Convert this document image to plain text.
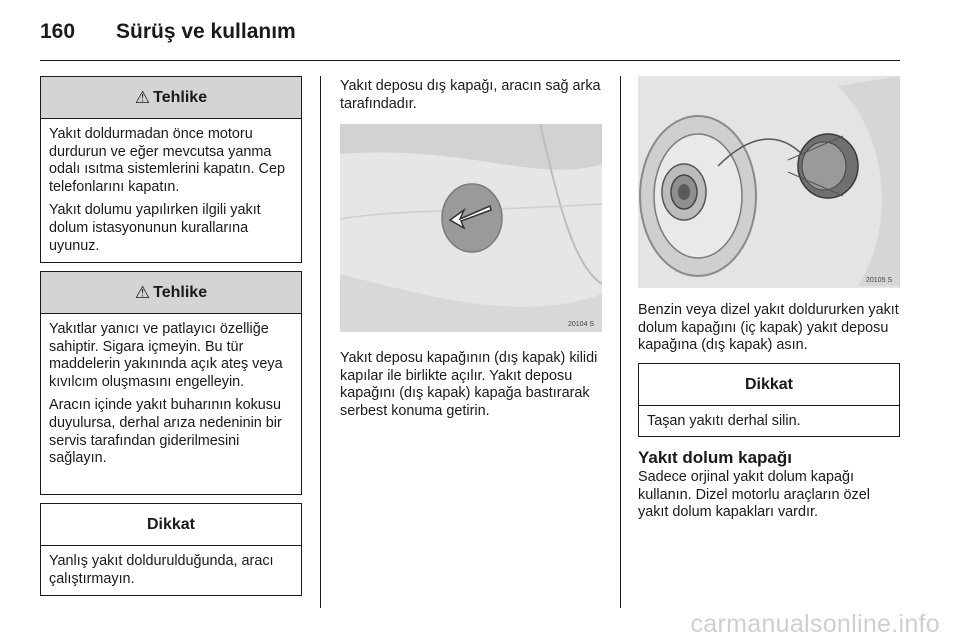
160 Sürüş ve kullanım
⚠ Tehlike

Yakıt doldurmadan önce motoru durdurun ve eğer mevcutsa yanma odalı ısıtma sistemlerini kapatın. Cep telefonlarını kapatın.

Yakıt dolumu yapılırken ilgili yakıt dolum istasyonunun kurallarına uyunuz.

⚠ Tehlike

Yakıtlar yanıcı ve patlayıcı özelliğe sahiptir. Sigara içmeyin. Bu tür maddelerin yakınında açık ateş veya kıvılcım oluşmasını engelleyin.

Aracın içinde yakıt buharının kokusu duyulursa, derhal arıza nedeninin bir servis tarafından giderilmesini sağlayın.

Dikkat

Yanlış yakıt doldurulduğunda, aracı çalıştırmayın.

Yakıt deposu dış kapağı, aracın sağ arka tarafındadır.

20104 S

Yakıt deposu kapağının (dış kapak) kilidi kapılar ile birlikte açılır. Yakıt deposu kapağını (dış kapak) kapağa bastırarak serbest konuma getirin.

20105 S

Benzin veya dizel yakıt doldururken yakıt dolum kapağını (iç kapak) yakıt deposu kapağına (dış kapak) asın.

Dikkat

Taşan yakıtı derhal silin.

Yakıt dolum kapağı

Sadece orjinal yakıt dolum kapağı kullanın. Dizel motorlu araçların özel yakıt dolum kapakları vardır.

carmanualsonline.info
